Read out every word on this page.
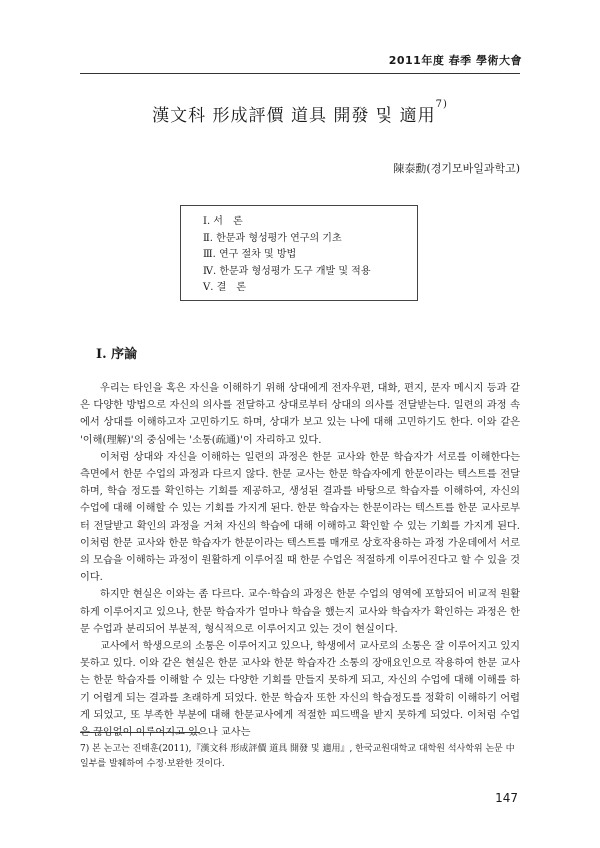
2011年度 春季 學術大會
漢文科 形成評價 道具 開發 및 適用$^{7)}$
陳泰勳(경기모바일과학고)
Ⅰ. 서　론
Ⅱ. 한문과 형성평가 연구의 기초
Ⅲ. 연구 절차 및 방법
Ⅳ. 한문과 형성평가 도구 개발 및 적용
Ⅴ. 결　론
Ⅰ. 序論

우리는 타인을 혹은 자신을 이해하기 위해 상대에게 전자우편, 대화, 편지, 문자 메시지 등과 같은 다양한 방법으로 자신의 의사를 전달하고 상대로부터 상대의 의사를 전달받는다. 일련의 과정 속에서 상대를 이해하고자 고민하기도 하며, 상대가 보고 있는 나에 대해 고민하기도 한다. 이와 같은 '이해(理解)'의 중심에는 '소통(疏通)'이 자리하고 있다.

이처럼 상대와 자신을 이해하는 일련의 과정은 한문 교사와 한문 학습자가 서로를 이해한다는 측면에서 한문 수업의 과정과 다르지 않다. 한문 교사는 한문 학습자에게 한문이라는 텍스트를 전달하며, 학습 정도를 확인하는 기회를 제공하고, 생성된 결과를 바탕으로 학습자를 이해하여, 자신의 수업에 대해 이해할 수 있는 기회를 가지게 된다. 한문 학습자는 한문이라는 텍스트를 한문 교사로부터 전달받고 확인의 과정을 거쳐 자신의 학습에 대해 이해하고 확인할 수 있는 기회를 가지게 된다. 이처럼 한문 교사와 한문 학습자가 한문이라는 텍스트를 매개로 상호작용하는 과정 가운데에서 서로의 모습을 이해하는 과정이 원활하게 이루어질 때 한문 수업은 적절하게 이루어진다고 할 수 있을 것이다.

하지만 현실은 이와는 좀 다르다. 교수·학습의 과정은 한문 수업의 영역에 포함되어 비교적 원활하게 이루어지고 있으나, 한문 학습자가 얼마나 학습을 했는지 교사와 학습자가 확인하는 과정은 한문 수업과 분리되어 부분적, 형식적으로 이루어지고 있는 것이 현실이다.

교사에서 학생으로의 소통은 이루어지고 있으나, 학생에서 교사로의 소통은 잘 이루어지고 있지 못하고 있다. 이와 같은 현실은 한문 교사와 한문 학습자간 소통의 장애요인으로 작용하여 한문 교사는 한문 학습자를 이해할 수 있는 다양한 기회를 만들지 못하게 되고, 자신의 수업에 대해 이해를 하기 어렵게 되는 결과를 초래하게 되었다. 한문 학습자 또한 자신의 학습정도를 정확히 이해하기 어렵게 되었고, 또 부족한 부분에 대해 한문교사에게 적절한 피드백을 받지 못하게 되었다. 이처럼 수업은 끊임없이 이루어지고 있으나 교사는

7) 본 논고는 진태훈(2011),『漢文科 形成評價 道具 開發 및 適用』, 한국교원대학교 대학원 석사학위 논문 中 일부를 발췌하여 수정·보완한 것이다.
147
